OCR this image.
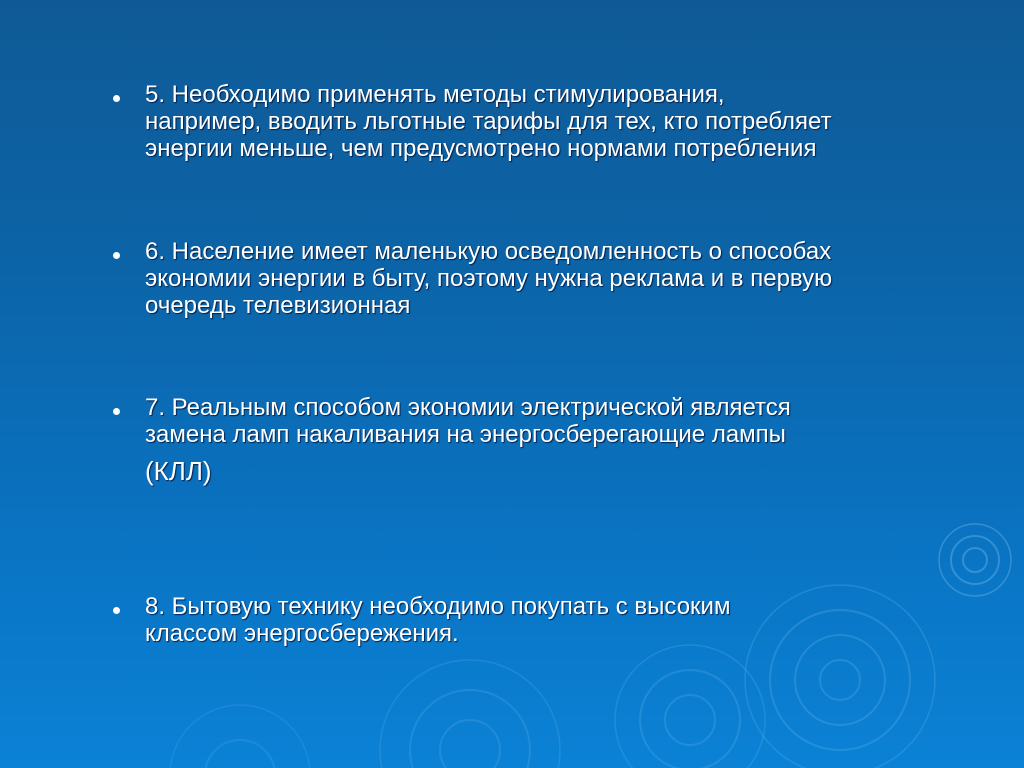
5. Необходимо применять методы стимулирования,
например, вводить льготные тарифы для тех, кто потребляет
энергии меньше, чем предусмотрено нормами потребления
6. Население имеет маленькую осведомленность о способах
экономии энергии в быту, поэтому нужна реклама и в первую
очередь телевизионная
7. Реальным способом экономии электрической является
замена ламп накаливания на энергосберегающие лампы
(КЛЛ)
8. Бытовую технику необходимо покупать с высоким
классом энергосбережения.
